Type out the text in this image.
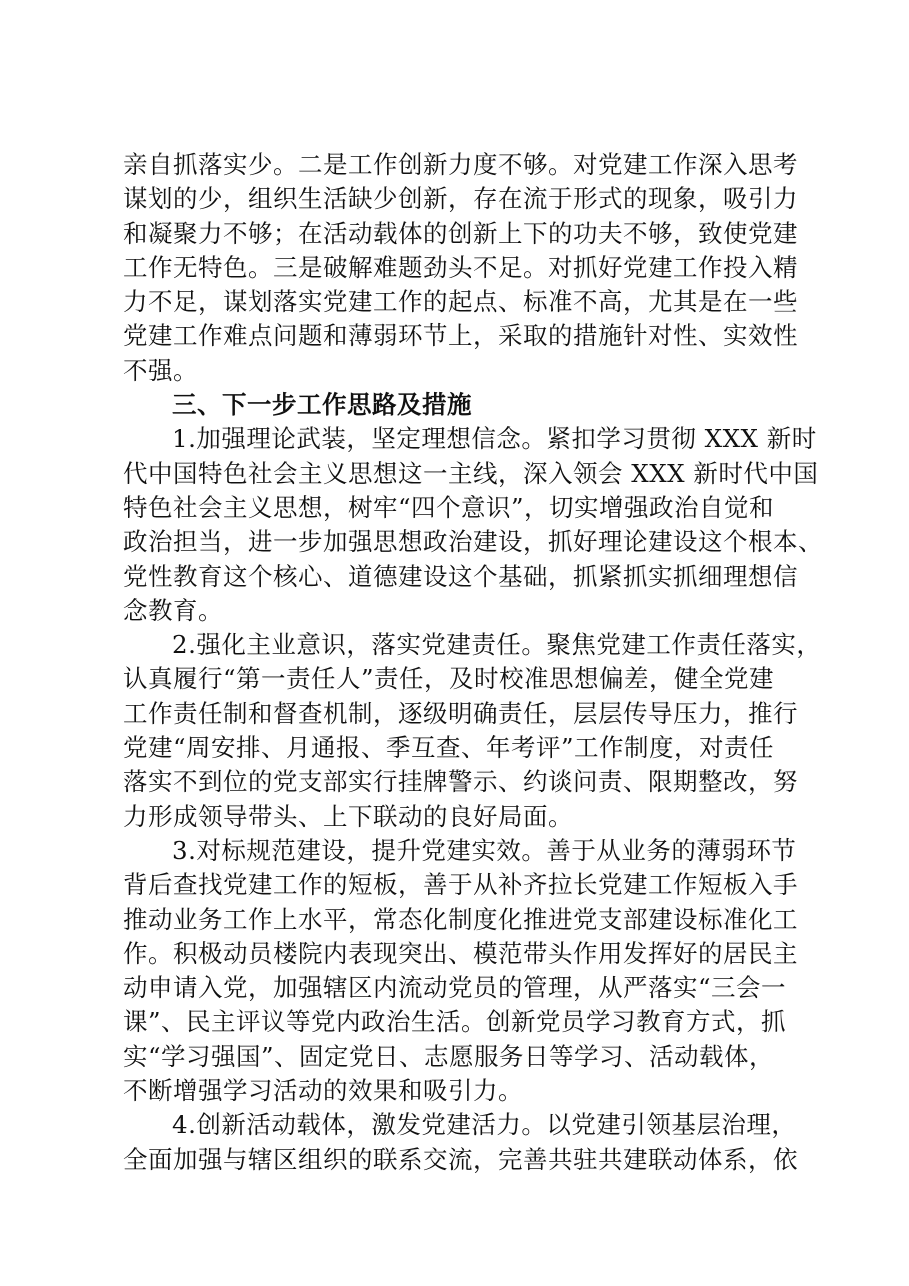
亲自抓落实少。二是工作创新力度不够。对党建工作深入思考
谋划的少，组织生活缺少创新，存在流于形式的现象，吸引力
和凝聚力不够；在活动载体的创新上下的功夫不够，致使党建
工作无特色。三是破解难题劲头不足。对抓好党建工作投入精
力不足，谋划落实党建工作的起点、标准不高，尤其是在一些
党建工作难点问题和薄弱环节上，采取的措施针对性、实效性
不强。
三、下一步工作思路及措施
1.加强理论武装，坚定理想信念。紧扣学习贯彻 XXX 新时
代中国特色社会主义思想这一主线，深入领会 XXX 新时代中国
特色社会主义思想，树牢“四个意识”，切实增强政治自觉和
政治担当，进一步加强思想政治建设，抓好理论建设这个根本、
党性教育这个核心、道德建设这个基础，抓紧抓实抓细理想信
念教育。
2.强化主业意识，落实党建责任。聚焦党建工作责任落实，
认真履行“第一责任人”责任，及时校准思想偏差，健全党建
工作责任制和督查机制，逐级明确责任，层层传导压力，推行
党建“周安排、月通报、季互查、年考评”工作制度，对责任
落实不到位的党支部实行挂牌警示、约谈问责、限期整改，努
力形成领导带头、上下联动的良好局面。
3.对标规范建设，提升党建实效。善于从业务的薄弱环节
背后查找党建工作的短板，善于从补齐拉长党建工作短板入手
推动业务工作上水平，常态化制度化推进党支部建设标准化工
作。积极动员楼院内表现突出、模范带头作用发挥好的居民主
动申请入党，加强辖区内流动党员的管理，从严落实“三会一
课”、民主评议等党内政治生活。创新党员学习教育方式，抓
实“学习强国”、固定党日、志愿服务日等学习、活动载体，
不断增强学习活动的效果和吸引力。
4.创新活动载体，激发党建活力。以党建引领基层治理，
全面加强与辖区组织的联系交流，完善共驻共建联动体系，依
